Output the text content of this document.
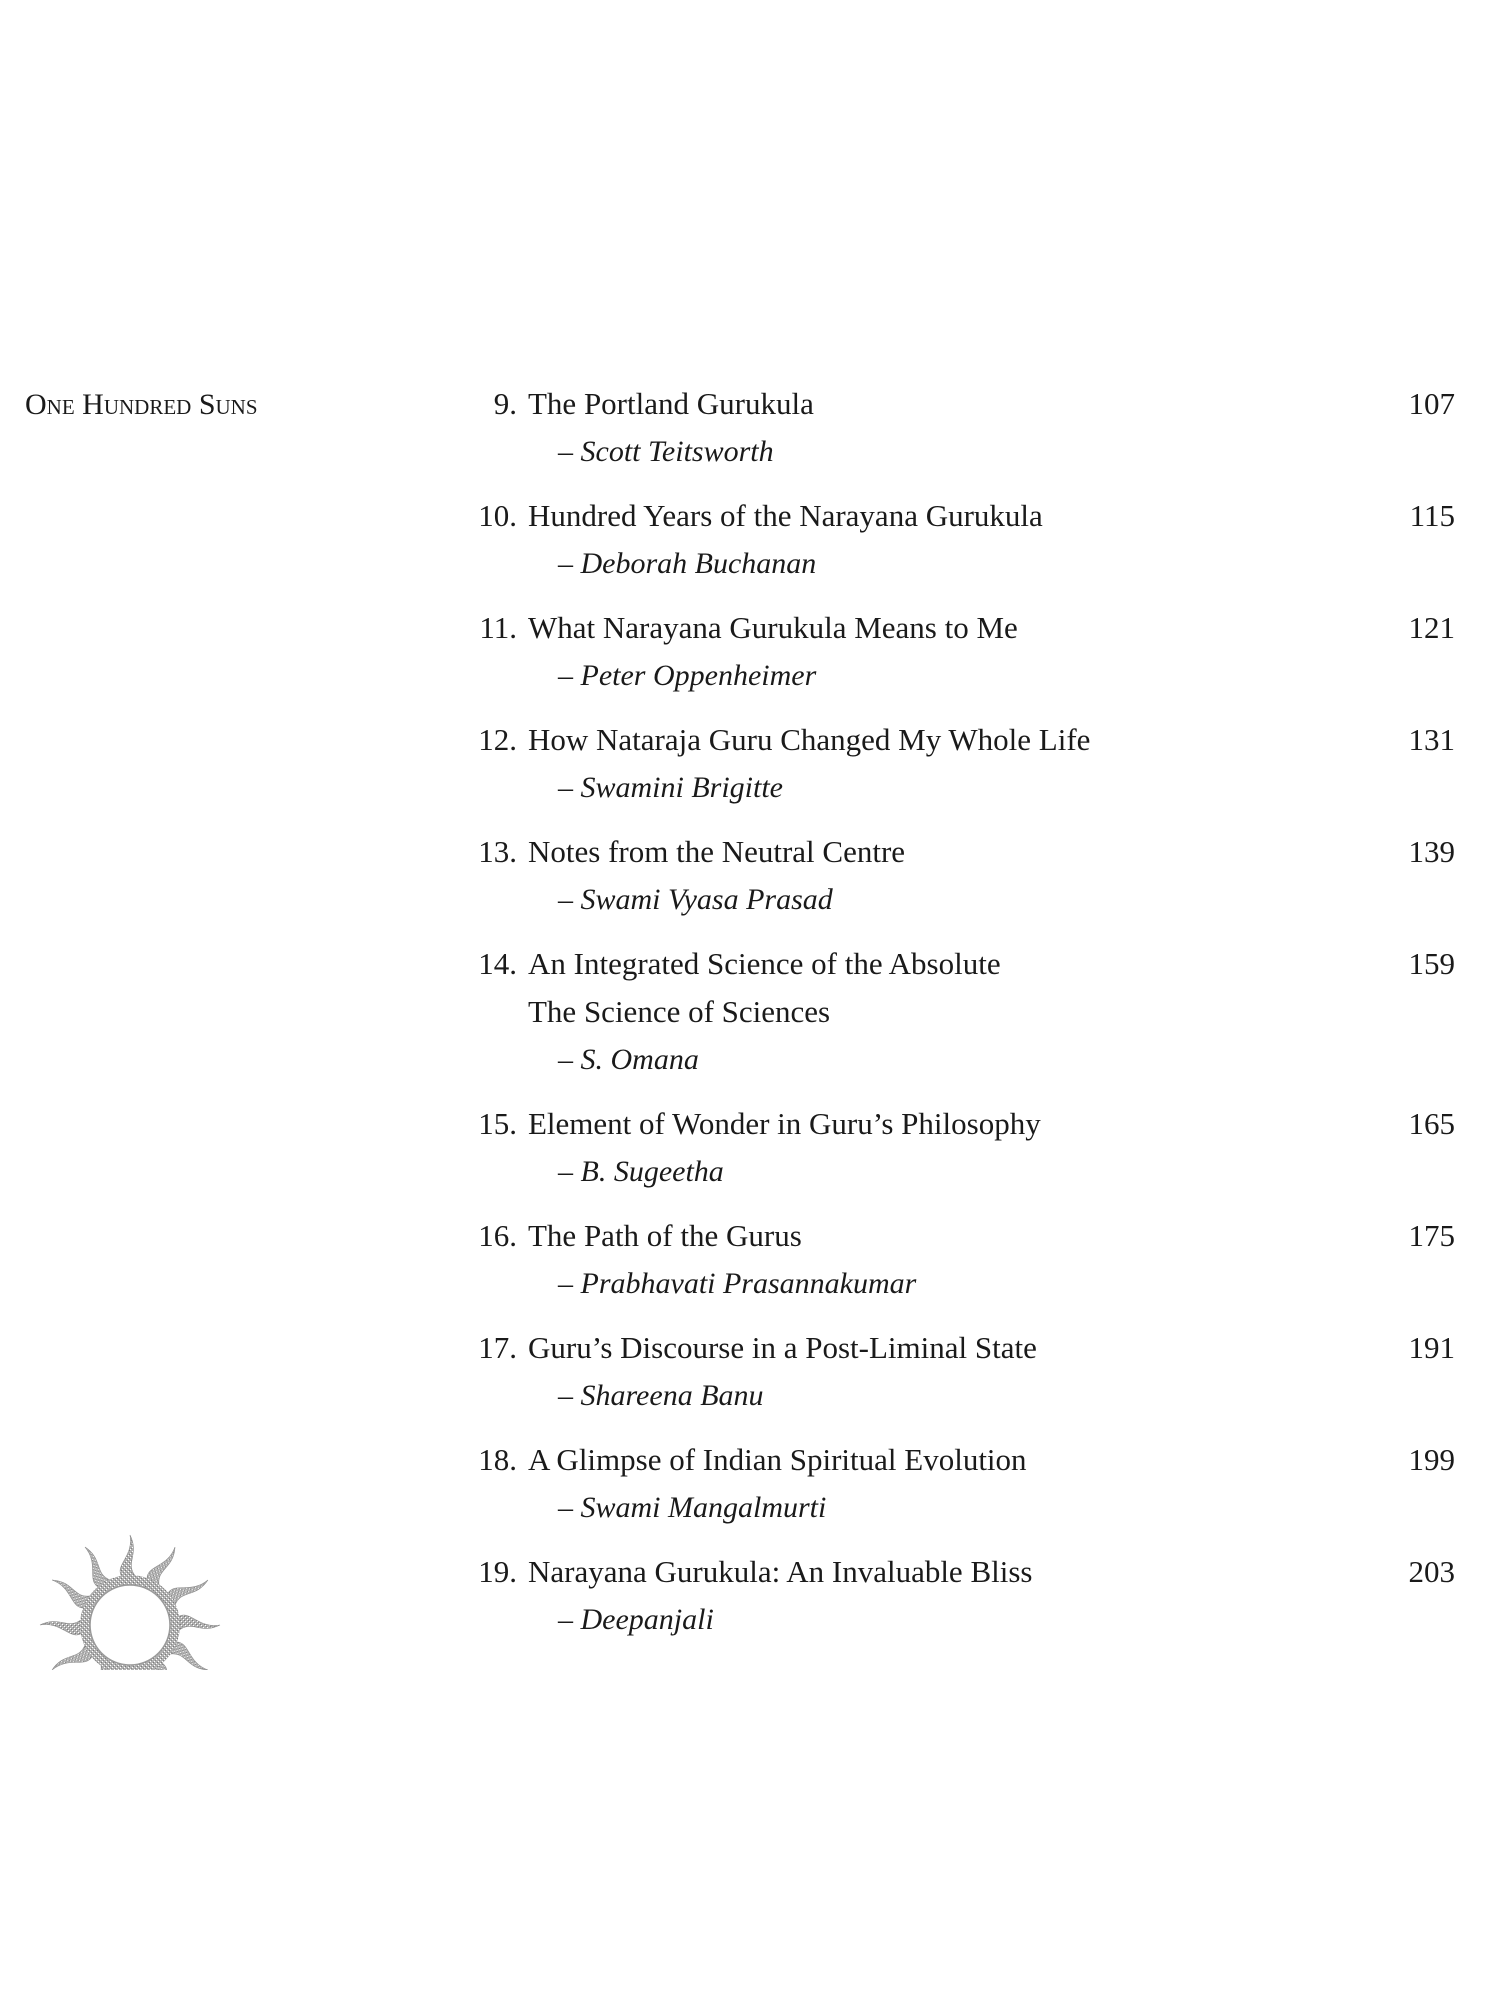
One Hundred Suns	9. The Portland Gurukula	107
– Scott Teitsworth
10. Hundred Years of the Narayana Gurukula	115
– Deborah Buchanan
11. What Narayana Gurukula Means to Me	121
– Peter Oppenheimer
12. How Nataraja Guru Changed My Whole Life	131
– Swamini Brigitte
13. Notes from the Neutral Centre	139
– Swami Vyasa Prasad
14. An Integrated Science of the Absolute	159
The Science of Sciences
– S. Omana
15. Element of Wonder in Guru’s Philosophy	165
– B. Sugeetha
16. The Path of the Gurus	175
– Prabhavati Prasannakumar
17. Guru’s Discourse in a Post-Liminal State	191
– Shareena Banu
18. A Glimpse of Indian Spiritual Evolution	199
– Swami Mangalmurti
19. Narayana Gurukula: An Invaluable Bliss	203
– Deepanjali
